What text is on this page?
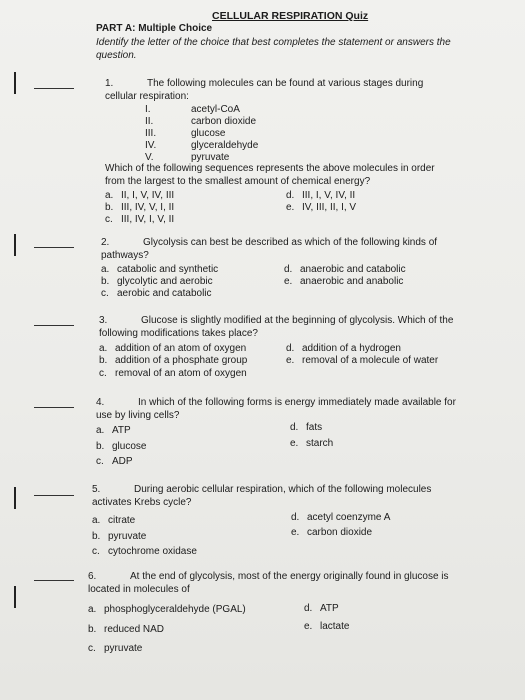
CELLULAR RESPIRATION Quiz
PART A: Multiple Choice
Identify the letter of the choice that best completes the statement or answers the question.
1.	The following molecules can be found at various stages during cellular respiration:
I.	acetyl-CoA
II.	carbon dioxide
III.	glucose
IV.	glyceraldehyde
V.	pyruvate
Which of the following sequences represents the above molecules in order from the largest to the smallest amount of chemical energy?
a. II, I, V, IV, III
b. III, IV, V, I, II
c. III, IV, I, V, II
d. III, I, V, IV, II
e. IV, III, II, I, V
2.	Glycolysis can best be described as which of the following kinds of pathways?
a. catabolic and synthetic
b. glycolytic and aerobic
c. aerobic and catabolic
d. anaerobic and catabolic
e. anaerobic and anabolic
3.	Glucose is slightly modified at the beginning of glycolysis. Which of the following modifications takes place?
a. addition of an atom of oxygen
b. addition of a phosphate group
c. removal of an atom of oxygen
d. addition of a hydrogen
e. removal of a molecule of water
4.	In which of the following forms is energy immediately made available for use by living cells?
a. ATP
b. glucose
c. ADP
d. fats
e. starch
5.	During aerobic cellular respiration, which of the following molecules activates Krebs cycle?
a. citrate
b. pyruvate
c. cytochrome oxidase
d. acetyl coenzyme A
e. carbon dioxide
6.	At the end of glycolysis, most of the energy originally found in glucose is located in molecules of
a. phosphoglyceraldehyde (PGAL)
b. reduced NAD
c. pyruvate
d. ATP
e. lactate
